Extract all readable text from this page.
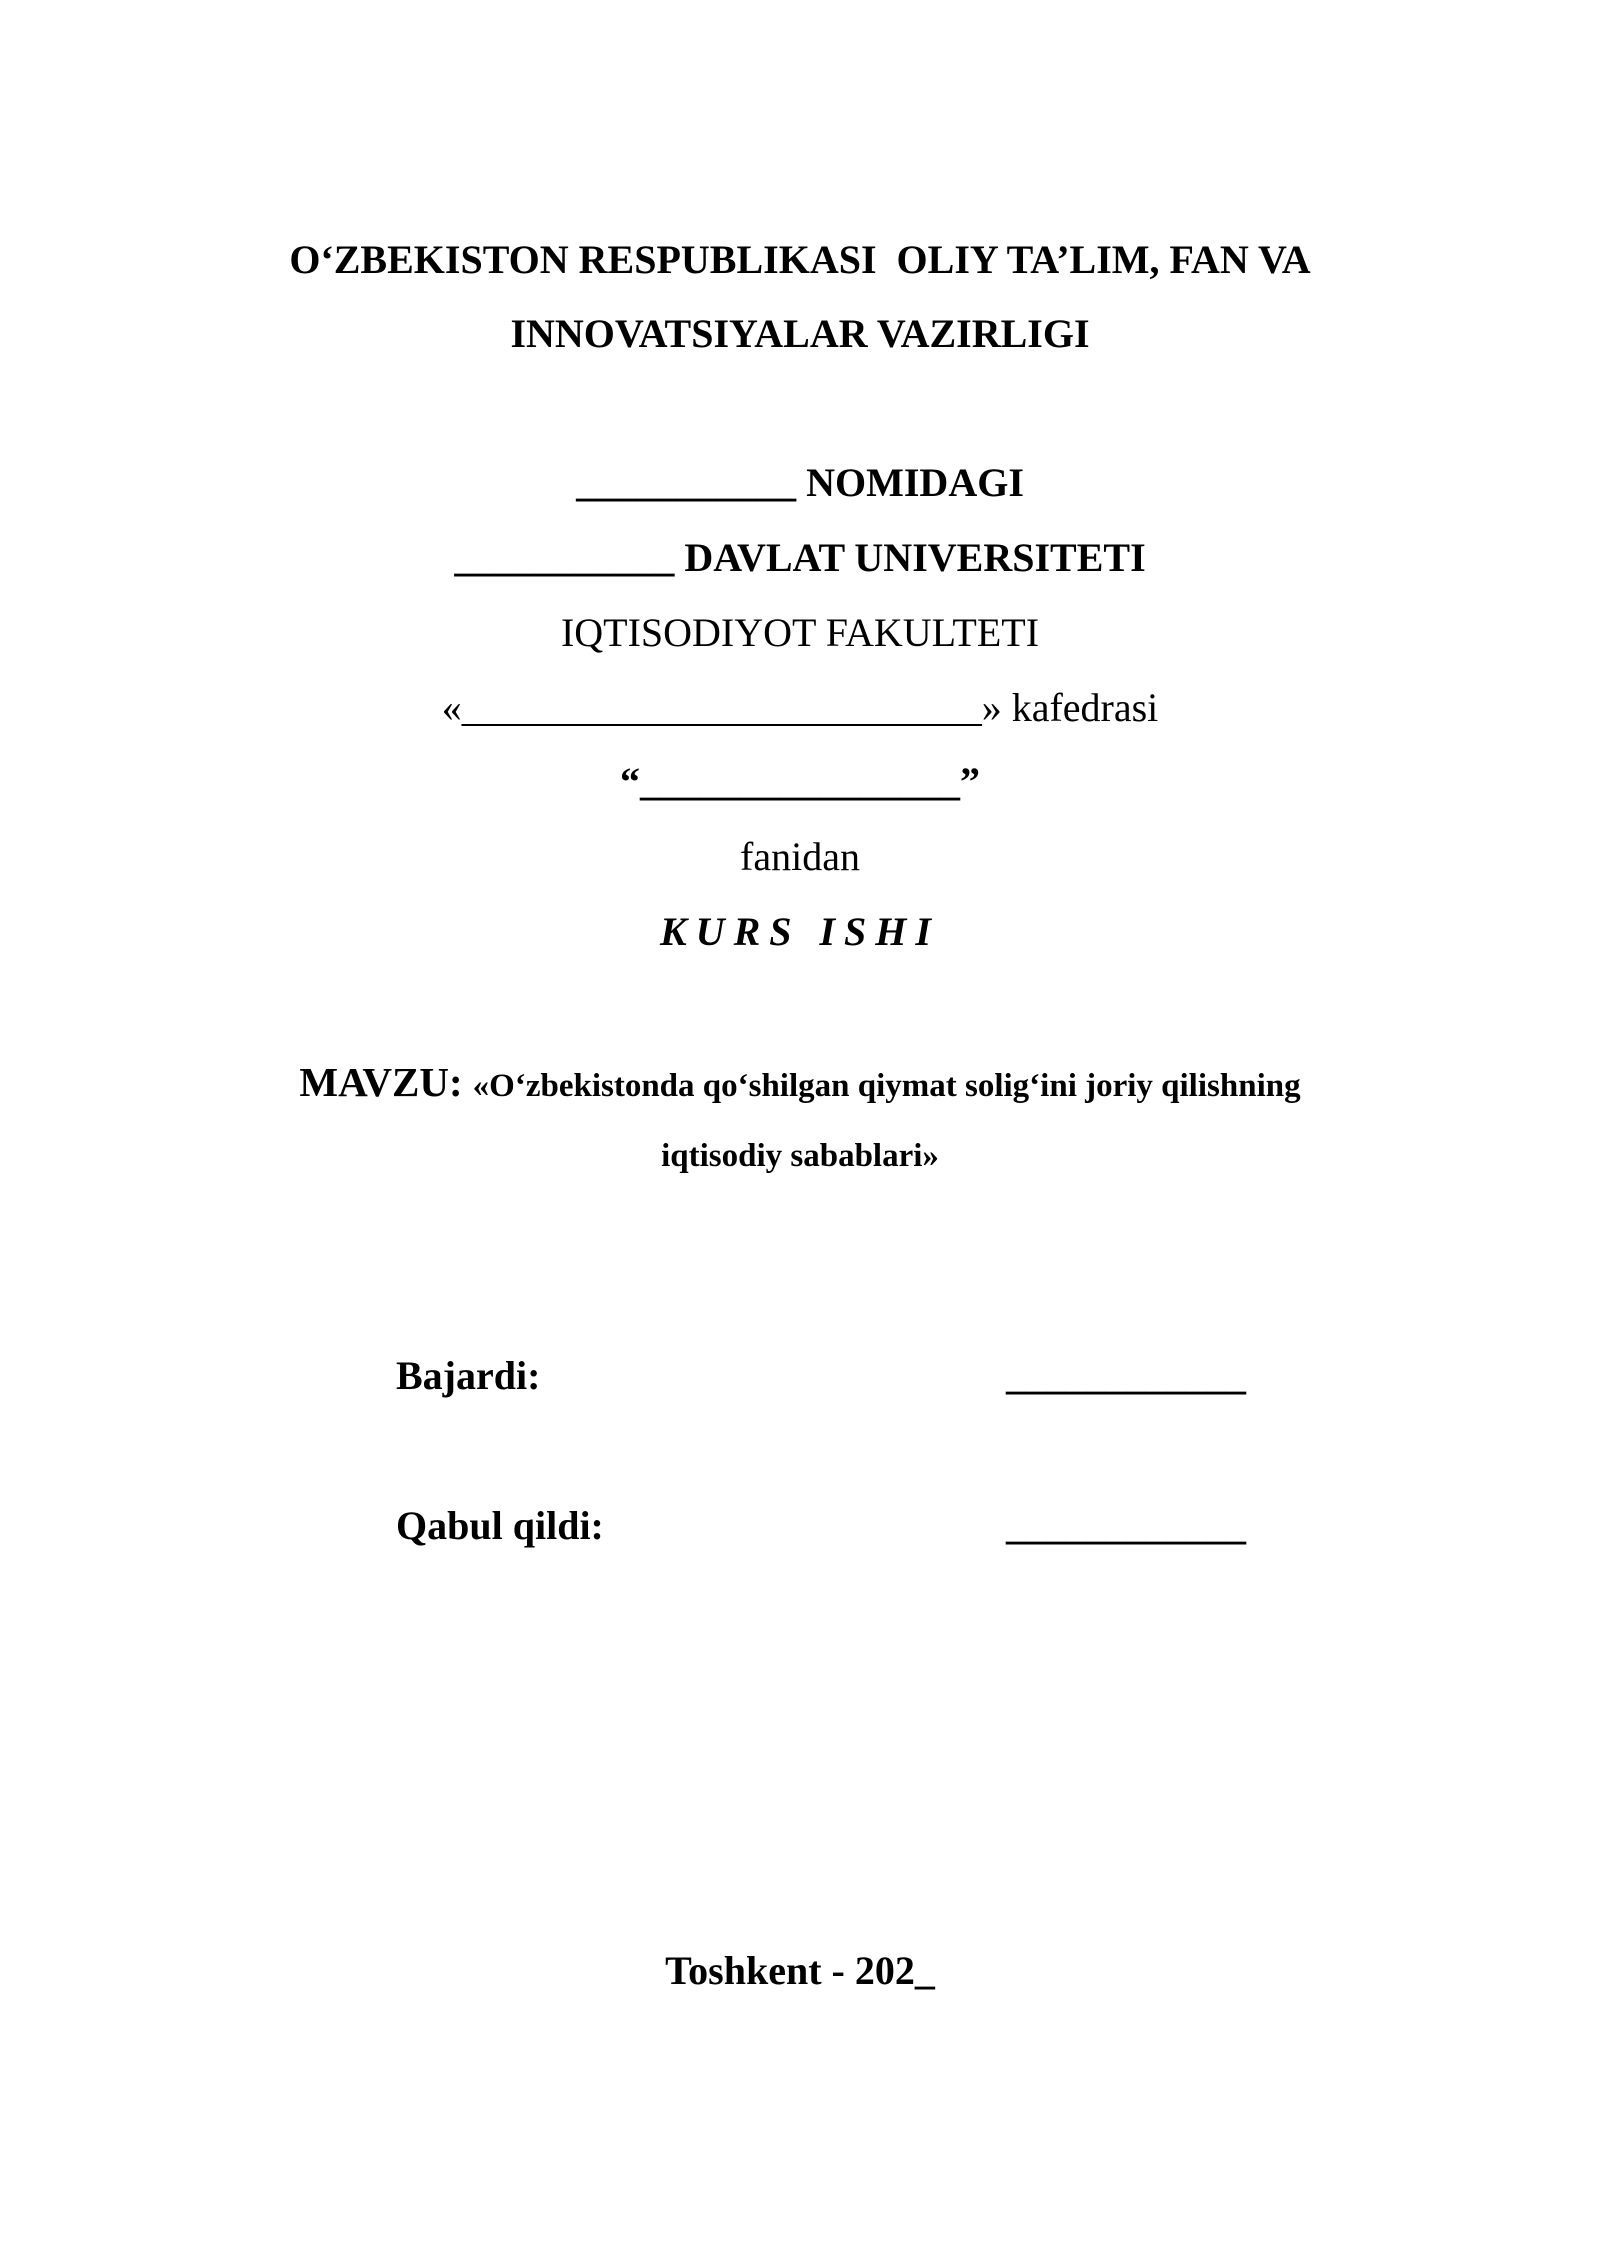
O‘ZBEKISTON RESPUBLIKASI  OLIY TA’LIM, FAN VA
INNOVATSIYALAR VAZIRLIGI
___________ NOMIDAGI
___________ DAVLAT UNIVERSITETI
IQTISODIYOT FAKULTETI
«__________________________» kafedrasi
“________________”
fanidan
KURS ISHI
MAVZU: «O‘zbekistonda qo‘shilgan qiymat solig‘ini joriy qilishning
iqtisodiy sabablari»
Bajardi:	____________
Qabul qildi:	____________
Toshkent - 202_
